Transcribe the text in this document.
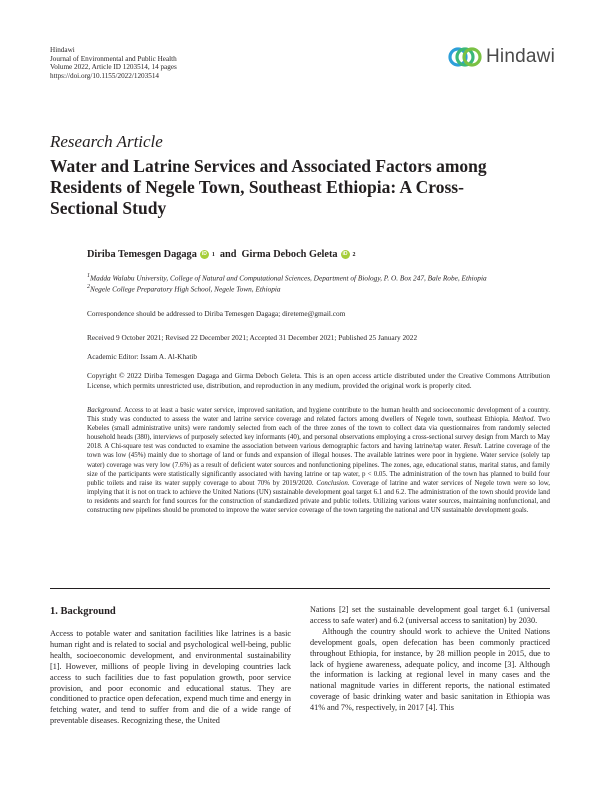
Hindawi
Journal of Environmental and Public Health
Volume 2022, Article ID 1203514, 14 pages
https://doi.org/10.1155/2022/1203514
Hindawi
Research Article
Water and Latrine Services and Associated Factors among Residents of Negele Town, Southeast Ethiopia: A Cross-Sectional Study
Diriba Temesgen Dagaga	iD 1 and Girma Deboch Geleta	iD 2
$^1$Madda Walabu University, College of Natural and Computational Sciences, Department of Biology, P. O. Box 247, Bale Robe, Ethiopia
$^2$Negele College Preparatory High School, Negele Town, Ethiopia
Correspondence should be addressed to Diriba Temesgen Dagaga; direteme@gmail.com
Received 9 October 2021; Revised 22 December 2021; Accepted 31 December 2021; Published 25 January 2022
Academic Editor: Issam A. Al-Khatib
Copyright © 2022 Diriba Temesgen Dagaga and Girma Deboch Geleta. This is an open access article distributed under the Creative Commons Attribution License, which permits unrestricted use, distribution, and reproduction in any medium, provided the original work is properly cited.
Background. Access to at least a basic water service, improved sanitation, and hygiene contribute to the human health and socioeconomic development of a country. This study was conducted to assess the water and latrine service coverage and related factors among dwellers of Negele town, southeast Ethiopia. Method. Two Kebeles (small administrative units) were randomly selected from each of the three zones of the town to collect data via questionnaires from randomly selected household heads (380), interviews of purposely selected key informants (40), and personal observations employing a cross-sectional survey design from March to May 2018. A Chi-square test was conducted to examine the association between various demographic factors and having latrine/tap water. Result. Latrine coverage of the town was low (45%) mainly due to shortage of land or funds and expansion of illegal houses. The available latrines were poor in hygiene. Water service (solely tap water) coverage was very low (7.6%) as a result of deficient water sources and nonfunctioning pipelines. The zones, age, educational status, marital status, and family size of the participants were statistically significantly associated with having latrine or tap water, p < 0.05. The administration of the town has planned to build four public toilets and raise its water supply coverage to about 70% by 2019/2020. Conclusion. Coverage of latrine and water services of Negele town were so low, implying that it is not on track to achieve the United Nations (UN) sustainable development goal target 6.1 and 6.2. The administration of the town should provide land to residents and search for fund sources for the construction of standardized private and public toilets. Utilizing various water sources, maintaining nonfunctional, and constructing new pipelines should be promoted to improve the water service coverage of the town targeting the national and UN sustainable development goals.
1. Background

Access to potable water and sanitation facilities like latrines is a basic human right and is related to social and psychological well-being, public health, socioeconomic development, and environmental sustainability [1]. However, millions of people living in developing countries lack access to such facilities due to fast population growth, poor service provision, and poor economic and educational status. They are conditioned to practice open defecation, expend much time and energy in fetching water, and tend to suffer from and die of a wide range of preventable diseases. Recognizing these, the United

Nations [2] set the sustainable development goal target 6.1 (universal access to safe water) and 6.2 (universal access to sanitation) by 2030.

Although the country should work to achieve the United Nations development goals, open defecation has been commonly practiced throughout Ethiopia, for instance, by 28 million people in 2015, due to lack of hygiene awareness, adequate policy, and income [3]. Although the information is lacking at regional level in many cases and the national magnitude varies in different reports, the national estimated coverage of basic drinking water and basic sanitation in Ethiopia was 41% and 7%, respectively, in 2017 [4]. This
